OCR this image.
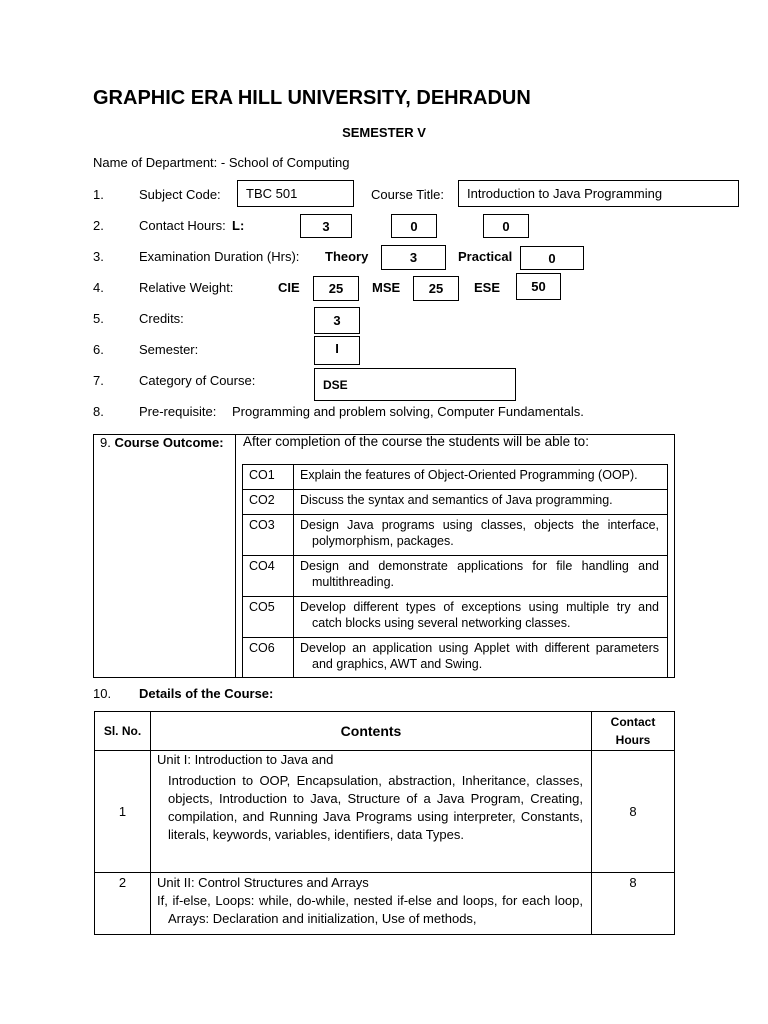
GRAPHIC ERA HILL UNIVERSITY, DEHRADUN
SEMESTER V
Name of Department: - School of Computing
1.	Subject Code:	TBC 501	Course Title:	Introduction to Java Programming
2.	Contact Hours: L:	3	0	0
3.	Examination Duration (Hrs): Theory	3	Practical	0
4.	Relative Weight:	CIE	25	MSE	25	ESE	50
5.	Credits:	3
6.	Semester:	I
7.	Category of Course:	DSE
8.	Pre-requisite: Programming and problem solving, Computer Fundamentals.
9. Course Outcome: After completion of the course the students will be able to:
CO1	Explain the features of Object-Oriented Programming (OOP).

CO2	Discuss the syntax and semantics of Java programming.

CO3	Design Java programs using classes, objects the interface, polymorphism, packages.

CO4	Design and demonstrate applications for file handling and multithreading.

CO5	Develop different types of exceptions using multiple try and catch blocks using several networking classes.

CO6	Develop an application using Applet with different parameters and graphics, AWT and Swing.
10. Details of the Course:
Sl. No.	Contents	Contact
Hours

1	Unit I: Introduction to Java and
Introduction to OOP, Encapsulation, abstraction, Inheritance, classes, objects, Introduction to Java, Structure of a Java Program, Creating, compilation, and Running Java Programs using interpreter, Constants, literals, keywords, variables, identifiers, data Types.	8
2	Unit II: Control Structures and Arrays
If, if-else, Loops: while, do-while, nested if-else and loops, for each loop, Arrays: Declaration and initialization, Use of methods,	8
